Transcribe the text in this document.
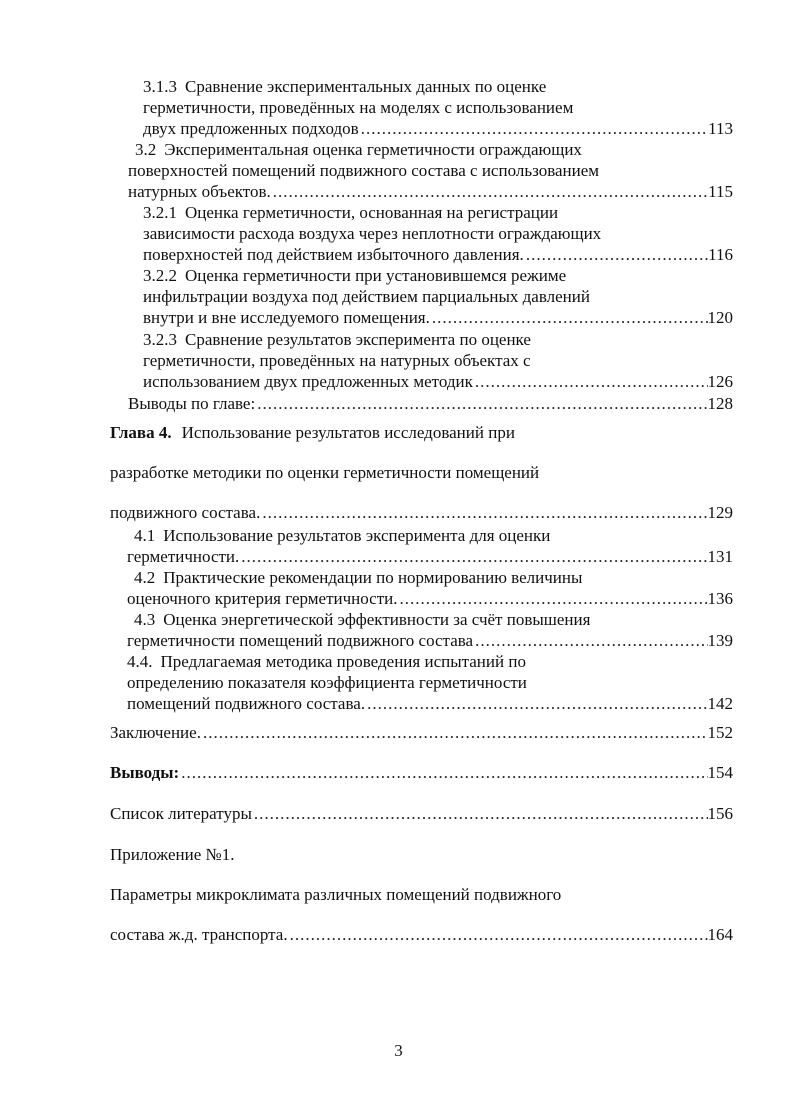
3.1.3 Сравнение экспериментальных данных по оценке
герметичности, проведённых на моделях с использованием
двух предложенных подходов .....	113
3.2 Экспериментальная оценка герметичности ограждающих
поверхностей помещений подвижного состава с использованием
натурных объектов. .....	115
3.2.1 Оценка герметичности, основанная на регистрации
зависимости расхода воздуха через неплотности ограждающих
поверхностей под действием избыточного давления. .....	116
3.2.2 Оценка герметичности при установившемся режиме
инфильтрации воздуха под действием парциальных давлений
внутри и вне исследуемого помещения. .....	120
3.2.3 Сравнение результатов эксперимента по оценке
герметичности, проведённых на натурных объектах с
использованием двух предложенных методик .....	126
Выводы по главе: .....	128
Глава 4. Использование результатов исследований при
разработке методики по оценки герметичности помещений
подвижного состава. .....	129
4.1 Использование результатов эксперимента для оценки
герметичности. .....	131
4.2 Практические рекомендации по нормированию величины
оценочного критерия герметичности. .....	136
4.3 Оценка энергетической эффективности за счёт повышения
герметичности помещений подвижного состава .....	139
4.4. Предлагаемая методика проведения испытаний по
определению показателя коэффициента герметичности
помещений подвижного состава. .....	142
Заключение. .....	152
Выводы: .....	154
Список литературы .....	156
Приложение №1.
Параметры микроклимата различных помещений подвижного
состава ж.д. транспорта. .....	164
3
